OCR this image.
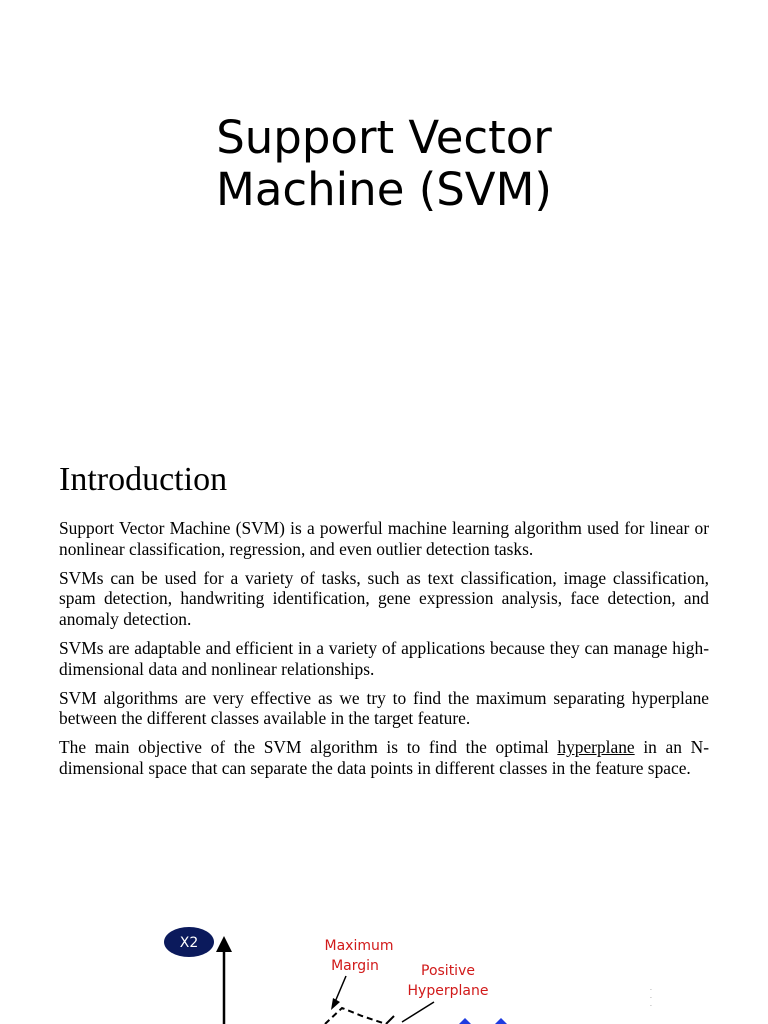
Support Vector
Machine (SVM)
Introduction

Support Vector Machine (SVM) is a powerful machine learning algorithm used for linear or nonlinear classification, regression, and even outlier detection tasks.

SVMs can be used for a variety of tasks, such as text classification, image classification, spam detection, handwriting identification, gene expression analysis, face detection, and anomaly detection.

SVMs are adaptable and efficient in a variety of applications because they can manage high-dimensional data and nonlinear relationships.

SVM algorithms are very effective as we try to find the maximum separating hyperplane between the different classes available in the target feature.

The main objective of the SVM algorithm is to find the optimal hyperplane in an N-dimensional space that can separate the data points in different classes in the feature space.

X2	Maximum
Margin	Positive
Hyperplane	·
·
·
